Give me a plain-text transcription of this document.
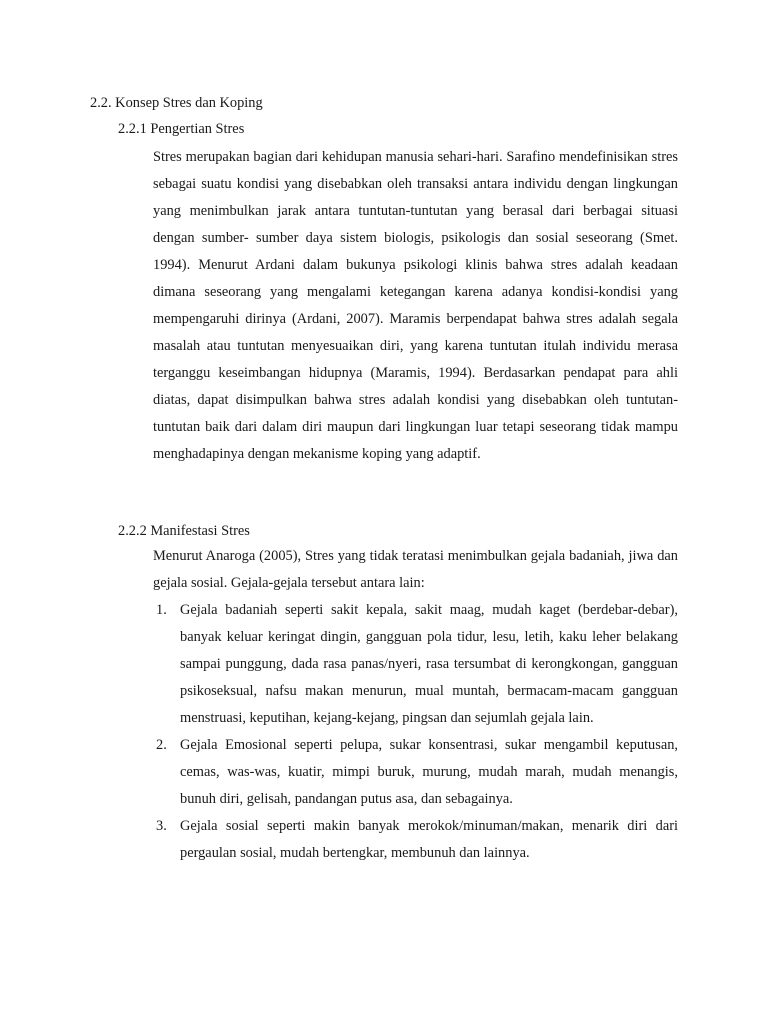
2.2. Konsep Stres dan Koping
2.2.1 Pengertian Stres

Stres merupakan bagian dari kehidupan manusia sehari-hari. Sarafino mendefinisikan stres sebagai suatu kondisi yang disebabkan oleh transaksi antara individu dengan lingkungan yang menimbulkan jarak antara tuntutan-tuntutan yang berasal dari berbagai situasi dengan sumber- sumber daya sistem biologis, psikologis dan sosial seseorang (Smet. 1994). Menurut Ardani dalam bukunya psikologi klinis bahwa stres adalah keadaan dimana seseorang yang mengalami ketegangan karena adanya kondisi-kondisi yang mempengaruhi dirinya (Ardani, 2007). Maramis berpendapat bahwa stres adalah segala masalah atau tuntutan menyesuaikan diri, yang karena tuntutan itulah individu merasa terganggu keseimbangan hidupnya (Maramis, 1994). Berdasarkan pendapat para ahli diatas, dapat disimpulkan bahwa stres adalah kondisi yang disebabkan oleh tuntutan-tuntutan baik dari dalam diri maupun dari lingkungan luar tetapi seseorang tidak mampu menghadapinya dengan mekanisme koping yang adaptif.

2.2.2 Manifestasi Stres

Menurut Anaroga (2005), Stres yang tidak teratasi menimbulkan gejala badaniah, jiwa dan gejala sosial. Gejala-gejala tersebut antara lain:

1. Gejala badaniah seperti sakit kepala, sakit maag, mudah kaget (berdebar-debar), banyak keluar keringat dingin, gangguan pola tidur, lesu, letih, kaku leher belakang sampai punggung, dada rasa panas/nyeri, rasa tersumbat di kerongkongan, gangguan psikoseksual, nafsu makan menurun, mual muntah, bermacam-macam gangguan menstruasi, keputihan, kejang-kejang, pingsan dan sejumlah gejala lain.
2. Gejala Emosional seperti pelupa, sukar konsentrasi, sukar mengambil keputusan, cemas, was-was, kuatir, mimpi buruk, murung, mudah marah, mudah menangis, bunuh diri, gelisah, pandangan putus asa, dan sebagainya.
3. Gejala sosial seperti makin banyak merokok/minuman/makan, menarik diri dari pergaulan sosial, mudah bertengkar, membunuh dan lainnya.
